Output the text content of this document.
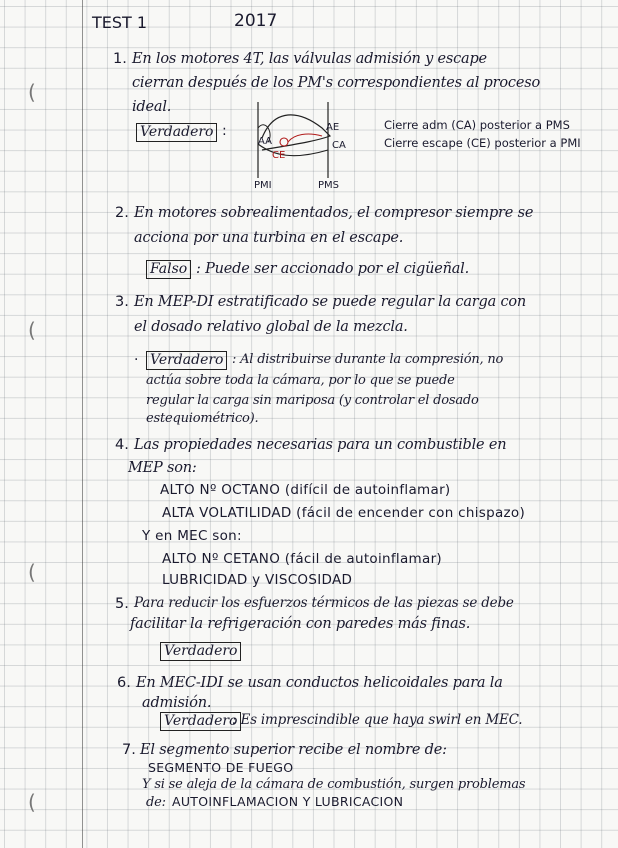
(
(
(
(
TEST 1	2017
1. En los motores 4T, las válvulas admisión y escape
cierran después de los PM's correspondientes al proceso
ideal.
Verdadero :	AE
CA
CE
AA
PMI	PMS
Cierre adm (CA) posterior a PMS
Cierre escape (CE) posterior a PMI
2. En motores sobrealimentados, el compresor siempre se
acciona por una turbina en el escape.
Falso : Puede ser accionado por el cigüeñal.
3. En MEP-DI estratificado se puede regular la carga con
el dosado relativo global de la mezcla.
· Verdadero : Al distribuirse durante la compresión, no
actúa sobre toda la cámara, por lo que se puede
regular la carga sin mariposa (y controlar el dosado
estequiométrico).
4. Las propiedades necesarias para un combustible en
MEP son:
ALTO Nº OCTANO (difícil de autoinflamar)
ALTA VOLATILIDAD (fácil de encender con chispazo)
Y en MEC son:
ALTO Nº CETANO (fácil de autoinflamar)
LUBRICIDAD y VISCOSIDAD
5. Para reducir los esfuerzos térmicos de las piezas se debe
facilitar la refrigeración con paredes más finas.
Verdadero
6. En MEC-IDI se usan conductos helicoidales para la
admisión.
Verdadero
: Es imprescindible que haya swirl en MEC.
7. El segmento superior recibe el nombre de:
SEGMENTO DE FUEGO
Y si se aleja de la cámara de combustión, surgen problemas
de: AUTOINFLAMACION Y LUBRICACION
